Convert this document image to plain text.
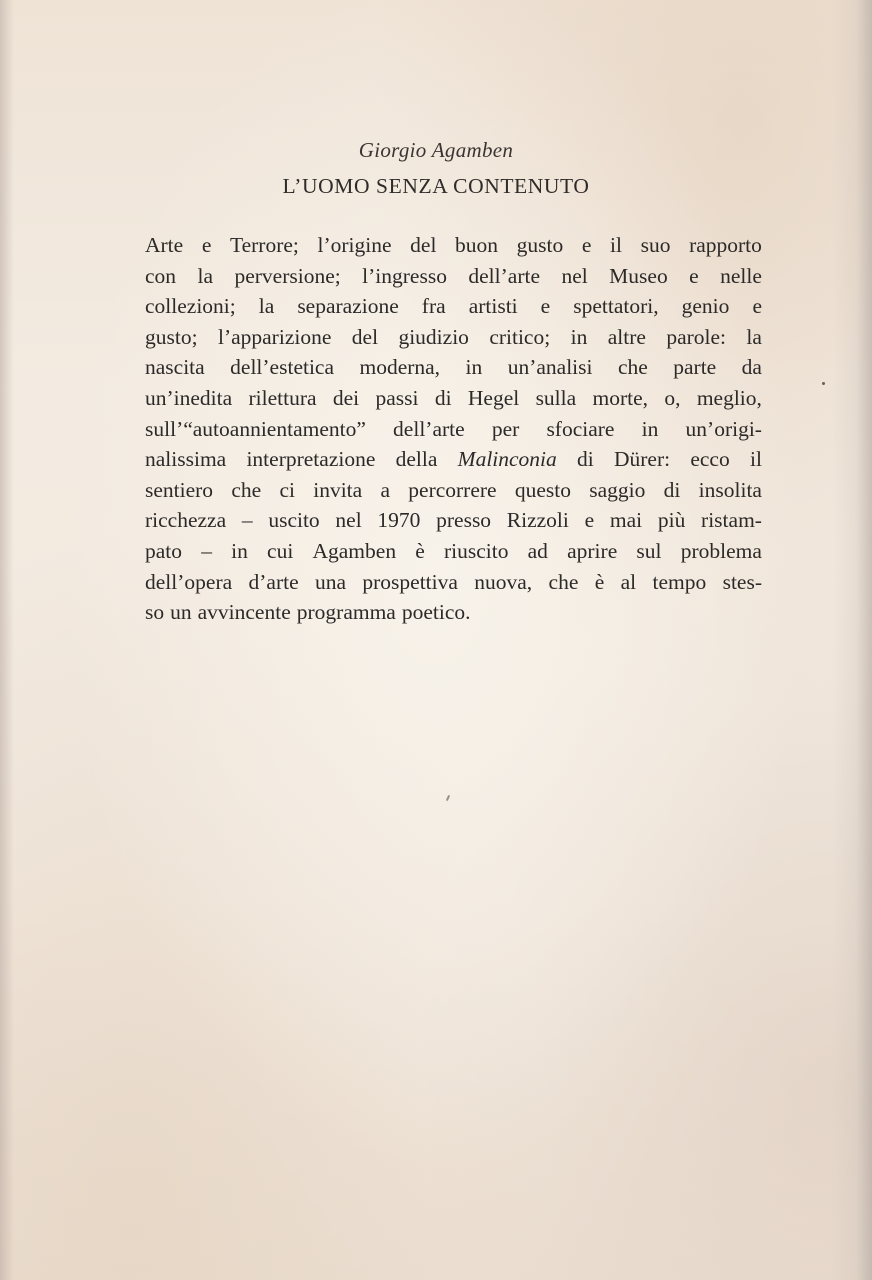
Giorgio Agamben
L’UOMO SENZA CONTENUTO
Arte e Terrore; l’origine del buon gusto e il suo rapporto
con la perversione; l’ingresso dell’arte nel Museo e nelle
collezioni; la separazione fra artisti e spettatori, genio e
gusto; l’apparizione del giudizio critico; in altre parole: la
nascita dell’estetica moderna, in un’analisi che parte da
un’inedita rilettura dei passi di Hegel sulla morte, o, meglio,
sull’“autoannientamento” dell’arte per sfociare in un’origi-
nalissima interpretazione della Malinconia di Dürer: ecco il
sentiero che ci invita a percorrere questo saggio di insolita
ricchezza – uscito nel 1970 presso Rizzoli e mai più ristam-
pato – in cui Agamben è riuscito ad aprire sul problema
dell’opera d’arte una prospettiva nuova, che è al tempo stes-
so un avvincente programma poetico.
